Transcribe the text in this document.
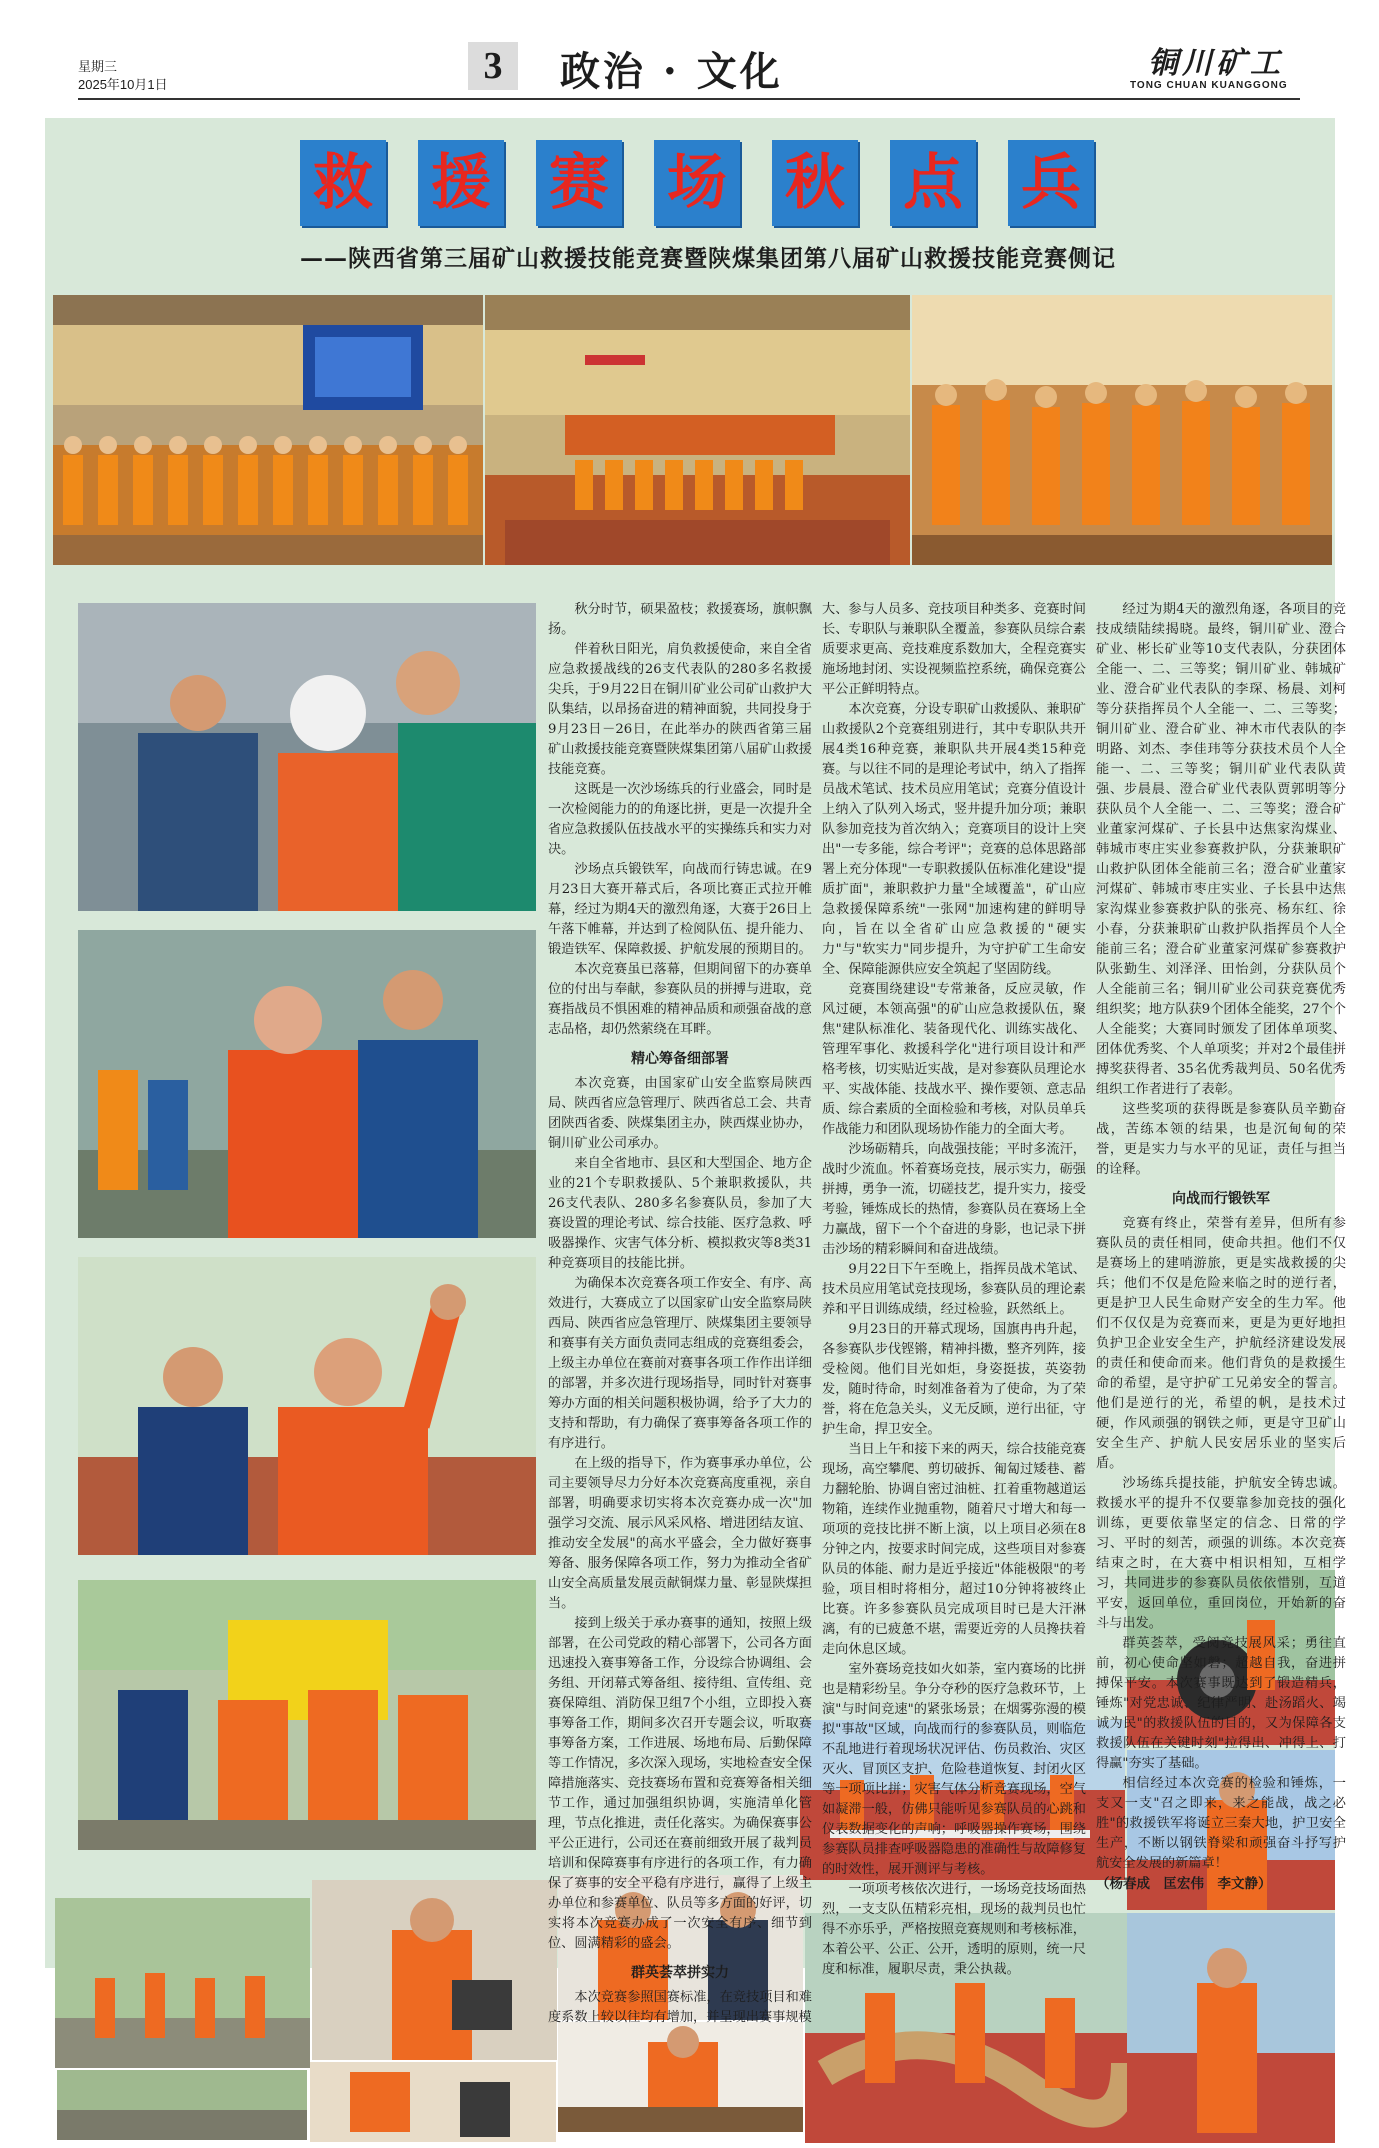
星期三
2025年10月1日	3	政治 · 文化	铜川矿工
TONG CHUAN KUANGGONG
救 援 赛 场 秋 点 兵
——陕西省第三届矿山救援技能竞赛暨陕煤集团第八届矿山救援技能竞赛侧记

秋分时节，硕果盈枝；救援赛场，旗帜飘扬。

伴着秋日阳光，肩负救援使命，来自全省应急救援战线的26支代表队的280多名救援尖兵，于9月22日在铜川矿业公司矿山救护大队集结，以昂扬奋进的精神面貌，共同投身于9月23日－26日，在此举办的陕西省第三届矿山救援技能竞赛暨陕煤集团第八届矿山救援技能竞赛。

这既是一次沙场练兵的行业盛会，同时是一次检阅能力的的角逐比拼，更是一次提升全省应急救援队伍技战水平的实操练兵和实力对决。

沙场点兵锻铁军，向战而行铸忠诚。在9月23日大赛开幕式后，各项比赛正式拉开帷幕，经过为期4天的激烈角逐，大赛于26日上午落下帷幕，并达到了检阅队伍、提升能力、锻造铁军、保障救援、护航发展的预期目的。

本次竞赛虽已落幕，但期间留下的办赛单位的付出与奉献，参赛队员的拼搏与进取，竞赛指战员不惧困难的精神品质和顽强奋战的意志品格，却仍然萦绕在耳畔。

精心筹备细部署

本次竞赛，由国家矿山安全监察局陕西局、陕西省应急管理厅、陕西省总工会、共青团陕西省委、陕煤集团主办，陕西煤业协办，铜川矿业公司承办。

来自全省地市、县区和大型国企、地方企业的21个专职救援队、5个兼职救援队，共26支代表队、280多名参赛队员，参加了大赛设置的理论考试、综合技能、医疗急救、呼吸器操作、灾害气体分析、模拟救灾等8类31种竞赛项目的技能比拼。

为确保本次竞赛各项工作安全、有序、高效进行，大赛成立了以国家矿山安全监察局陕西局、陕西省应急管理厅、陕煤集团主要领导和赛事有关方面负责同志组成的竞赛组委会，上级主办单位在赛前对赛事各项工作作出详细的部署，并多次进行现场指导，同时针对赛事筹办方面的相关问题积极协调，给予了大力的支持和帮助，有力确保了赛事筹备各项工作的有序进行。

在上级的指导下，作为赛事承办单位，公司主要领导尽力分好本次竞赛高度重视，亲自部署，明确要求切实将本次竞赛办成一次"加强学习交流、展示风采风格、增进团结友谊、推动安全发展"的高水平盛会，全力做好赛事筹备、服务保障各项工作，努力为推动全省矿山安全高质量发展贡献铜煤力量、彰显陕煤担当。

接到上级关于承办赛事的通知，按照上级部署，在公司党政的精心部署下，公司各方面迅速投入赛事筹备工作，分设综合协调组、会务组、开闭幕式筹备组、接待组、宣传组、竞赛保障组、消防保卫组7个小组，立即投入赛事筹备工作，期间多次召开专题会议，听取赛事筹备方案，工作进展、场地布局、后勤保障等工作情况，多次深入现场，实地检查安全保障措施落实、竞技赛场布置和竞赛筹备相关细节工作，通过加强组织协调，实施清单化管理，节点化推进，责任化落实。为确保赛事公平公正进行，公司还在赛前细致开展了裁判员培训和保障赛事有序进行的各项工作，有力确保了赛事的安全平稳有序进行，赢得了上级主办单位和参赛单位、队员等多方面的好评，切实将本次竞赛办成了一次安全有序、细节到位、圆满精彩的盛会。

群英荟萃拼实力

本次竞赛参照国赛标准，在竞技项目和难度系数上较以往均有增加，并呈现出赛事规模

大、参与人员多、竞技项目种类多、竞赛时间长、专职队与兼职队全覆盖，参赛队员综合素质要求更高、竞技难度系数加大，全程竞赛实施场地封闭、实设视频监控系统，确保竞赛公平公正鲜明特点。

本次竞赛，分设专职矿山救援队、兼职矿山救援队2个竞赛组别进行，其中专职队共开展4类16种竞赛，兼职队共开展4类15种竞赛。与以往不同的是理论考试中，纳入了指挥员战术笔试、技术员应用笔试；竞赛分值设计上纳入了队列入场式，竖井提升加分项；兼职队参加竞技为首次纳入；竞赛项目的设计上突出"一专多能，综合考评"；竞赛的总体思路部署上充分体现"一专职救援队伍标准化建设"提质扩面"，兼职救护力量"全域覆盖"，矿山应急救援保障系统"一张网"加速构建的鲜明导向，旨在以全省矿山应急救援的"硬实力"与"软实力"同步提升，为守护矿工生命安全、保障能源供应安全筑起了坚固防线。

竞赛围绕建设"专常兼备，反应灵敏，作风过硬，本领高强"的矿山应急救援队伍，聚焦"建队标准化、装备现代化、训练实战化、管理军事化、救援科学化"进行项目设计和严格考核，切实贴近实战，是对参赛队员理论水平、实战体能、技战水平、操作要领、意志品质、综合素质的全面检验和考核，对队员单兵作战能力和团队现场协作能力的全面大考。

沙场砺精兵，向战强技能；平时多流汗，战时少流血。怀着赛场竞技，展示实力，砺强拼搏，勇争一流，切磋技艺，提升实力，接受考验，锤炼成长的热情，参赛队员在赛场上全力赢战，留下一个个奋进的身影，也记录下拼击沙场的精彩瞬间和奋进战绩。

9月22日下午至晚上，指挥员战术笔试、技术员应用笔试竞技现场，参赛队员的理论素养和平日训练成绩，经过检验，跃然纸上。

9月23日的开幕式现场，国旗冉冉升起，各参赛队步伐铿锵，精神抖擞，整齐列阵，接受检阅。他们目光如炬，身姿挺拔，英姿勃发，随时待命，时刻准备着为了使命，为了荣誉，将在危急关头，义无反顾，逆行出征，守护生命，捍卫安全。

当日上午和接下来的两天，综合技能竞赛现场，高空攀爬、剪切破拆、匍匐过矮巷、蓄力翻轮胎、协调自密过油桩、扛着重物越道运物箱，连续作业抛重物，随着尺寸增大和每一项项的竞技比拼不断上演，以上项目必须在8分钟之内，按要求时间完成，这些项目对参赛队员的体能、耐力是近乎接近"体能极限"的考验，项目相时将相分，超过10分钟将被终止比赛。许多参赛队员完成项目时已是大汗淋漓，有的已疲惫不堪，需要近旁的人员搀扶着走向休息区域。

室外赛场竞技如火如荼，室内赛场的比拼也是精彩纷呈。争分夺秒的医疗急救环节，上演"与时间竞速"的紧张场景；在烟雾弥漫的模拟"事故"区域，向战而行的参赛队员，则临危不乱地进行着现场状况评估、伤员救治、灾区灭火、冒顶区支护、危险巷道恢复、封闭火区等一项项比拼；灾害气体分析竞赛现场，空气如凝滞一般，仿佛只能听见参赛队员的心跳和仪表数据变化的声响；呼吸器操作赛场，围绕参赛队员排查呼吸器隐患的准确性与故障修复的时效性，展开测评与考核。

一项项考核依次进行，一场场竞技场面热烈，一支支队伍精彩亮相，现场的裁判员也忙得不亦乐乎，严格按照竞赛规则和考核标准，本着公平、公正、公开，透明的原则，统一尺度和标准，履职尽责，秉公执裁。

经过为期4天的激烈角逐，各项目的竞技成绩陆续揭晓。最终，铜川矿业、澄合矿业、彬长矿业等10支代表队，分获团体全能一、二、三等奖；铜川矿业、韩城矿业、澄合矿业代表队的李琛、杨晨、刘柯等分获指挥员个人全能一、二、三等奖；铜川矿业、澄合矿业、神木市代表队的李明路、刘杰、李佳玮等分获技术员个人全能一、二、三等奖；铜川矿业代表队黄强、步晨晨、澄合矿业代表队贾郭明等分获队员个人全能一、二、三等奖；澄合矿业董家河煤矿、子长县中达焦家沟煤业、韩城市枣庄实业参赛救护队，分获兼职矿山救护队团体全能前三名；澄合矿业董家河煤矿、韩城市枣庄实业、子长县中达焦家沟煤业参赛救护队的张亮、杨东红、徐小春，分获兼职矿山救护队指挥员个人全能前三名；澄合矿业董家河煤矿参赛救护队张勤生、刘泽泽、田怡剑，分获队员个人全能前三名；铜川矿业公司获竞赛优秀组织奖；地方队获9个团体全能奖，27个个人全能奖；大赛同时颁发了团体单项奖、团体优秀奖、个人单项奖；并对2个最佳拼搏奖获得者、35名优秀裁判员、50名优秀组织工作者进行了表彰。

这些奖项的获得既是参赛队员辛勤奋战，苦练本领的结果，也是沉甸甸的荣誉，更是实力与水平的见证，责任与担当的诠释。

向战而行锻铁军

竞赛有终止，荣誉有差异，但所有参赛队员的责任相同，使命共担。他们不仅是赛场上的建哨游旅，更是实战救援的尖兵；他们不仅是危险来临之时的逆行者，更是护卫人民生命财产安全的生力军。他们不仅仅是为竞赛而来，更是为更好地担负护卫企业安全生产，护航经济建设发展的责任和使命而来。他们背负的是救援生命的希望，是守护矿工兄弟安全的誓言。他们是逆行的光，希望的帆，是技术过硬，作风顽强的钢铁之师，更是守卫矿山安全生产、护航人民安居乐业的坚实后盾。

沙场练兵提技能，护航安全铸忠诚。救援水平的提升不仅要靠参加竞技的强化训练，更要依靠坚定的信念、日常的学习、平时的刻苦，顽强的训练。本次竞赛结束之时，在大赛中相识相知，互相学习，共同进步的参赛队员依依惜别，互道平安，返回单位，重回岗位，开始新的奋斗与出发。

群英荟萃，受阅竞技展风采；勇往直前，初心使命坚如磐；超越自我，奋进拼搏保平安。本次赛事既达到了锻造精兵，锤炼"对党忠诚、纪律严明、赴汤蹈火、竭诚为民"的救援队伍的目的，又为保障各支救援队伍在关键时刻"拉得出、冲得上、打得赢"夯实了基础。

相信经过本次竞赛的检验和锤炼，一支又一支"召之即来，来之能战，战之必胜"的救援铁军将诞立三秦大地，护卫安全生产，不断以钢铁脊梁和顽强奋斗抒写护航安全发展的新篇章！

（杨春成　匡宏伟　李文静）
